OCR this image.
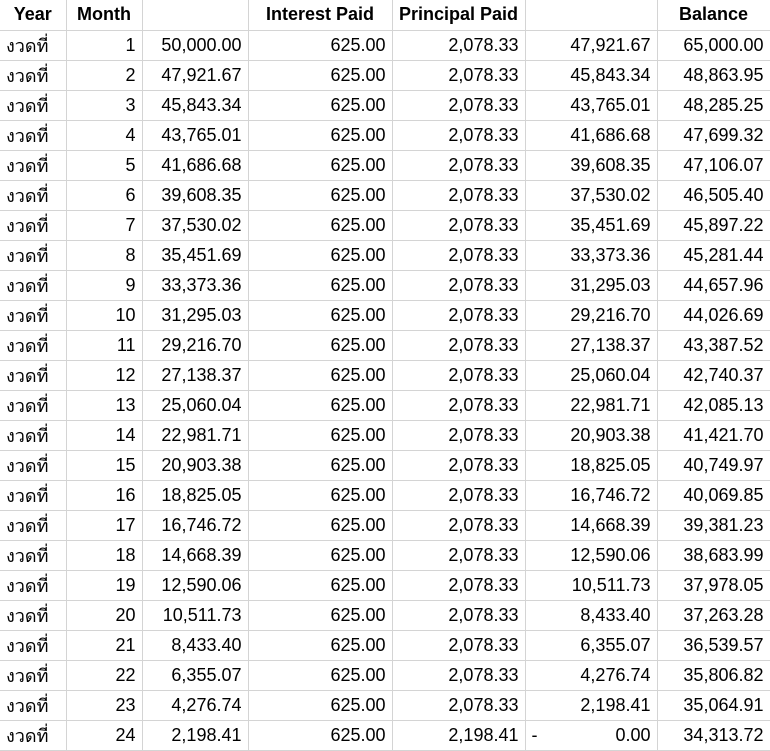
Year	Month		Interest Paid	Principal Paid		Balance
งวดที่	1	50,000.00	625.00	2,078.33	47,921.67	65,000.00
งวดที่	2	47,921.67	625.00	2,078.33	45,843.34	48,863.95
งวดที่	3	45,843.34	625.00	2,078.33	43,765.01	48,285.25
งวดที่	4	43,765.01	625.00	2,078.33	41,686.68	47,699.32
งวดที่	5	41,686.68	625.00	2,078.33	39,608.35	47,106.07
งวดที่	6	39,608.35	625.00	2,078.33	37,530.02	46,505.40
งวดที่	7	37,530.02	625.00	2,078.33	35,451.69	45,897.22
งวดที่	8	35,451.69	625.00	2,078.33	33,373.36	45,281.44
งวดที่	9	33,373.36	625.00	2,078.33	31,295.03	44,657.96
งวดที่	10	31,295.03	625.00	2,078.33	29,216.70	44,026.69
งวดที่	11	29,216.70	625.00	2,078.33	27,138.37	43,387.52
งวดที่	12	27,138.37	625.00	2,078.33	25,060.04	42,740.37
งวดที่	13	25,060.04	625.00	2,078.33	22,981.71	42,085.13
งวดที่	14	22,981.71	625.00	2,078.33	20,903.38	41,421.70
งวดที่	15	20,903.38	625.00	2,078.33	18,825.05	40,749.97
งวดที่	16	18,825.05	625.00	2,078.33	16,746.72	40,069.85
งวดที่	17	16,746.72	625.00	2,078.33	14,668.39	39,381.23
งวดที่	18	14,668.39	625.00	2,078.33	12,590.06	38,683.99
งวดที่	19	12,590.06	625.00	2,078.33	10,511.73	37,978.05
งวดที่	20	10,511.73	625.00	2,078.33	8,433.40	37,263.28
งวดที่	21	8,433.40	625.00	2,078.33	6,355.07	36,539.57
งวดที่	22	6,355.07	625.00	2,078.33	4,276.74	35,806.82
งวดที่	23	4,276.74	625.00	2,078.33	2,198.41	35,064.91
งวดที่	24	2,198.41	625.00	2,198.41	- 0.00	34,313.72
